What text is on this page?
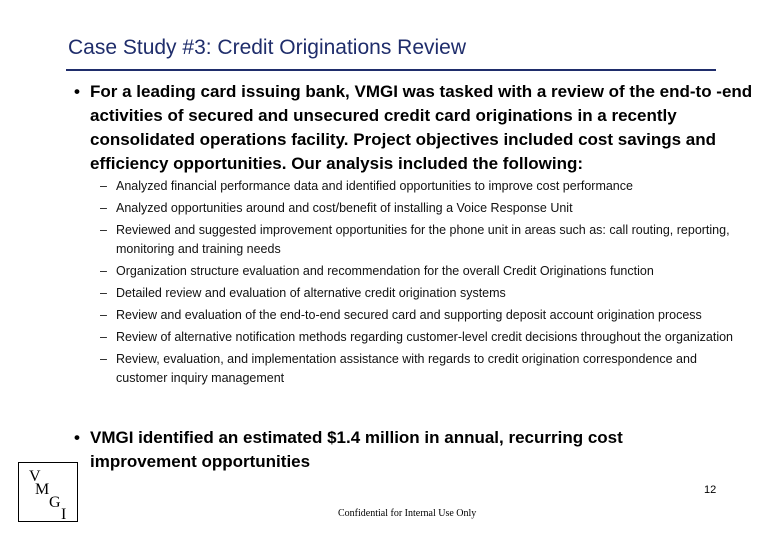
Case Study #3: Credit Originations Review
• For a leading card issuing bank, VMGI was tasked with a review of the end-to -end activities of secured and unsecured credit card originations in a recently consolidated operations facility. Project objectives included cost savings and efficiency opportunities. Our analysis included the following:
– Analyzed financial performance data and identified opportunities to improve cost performance
– Analyzed opportunities around and cost/benefit of installing a Voice Response Unit
– Reviewed and suggested improvement opportunities for the phone unit in areas such as: call routing, reporting, monitoring and training needs
– Organization structure evaluation and recommendation for the overall Credit Originations function
– Detailed review and evaluation of alternative credit origination systems
– Review and evaluation of the end-to-end secured card and supporting deposit account origination process
– Review of alternative notification methods regarding customer-level credit decisions throughout the organization
– Review, evaluation, and implementation assistance with regards to credit origination correspondence and customer inquiry management
• VMGI identified an estimated $1.4 million in annual, recurring cost improvement opportunities
V
M
G
I
12
Confidential for Internal Use Only
